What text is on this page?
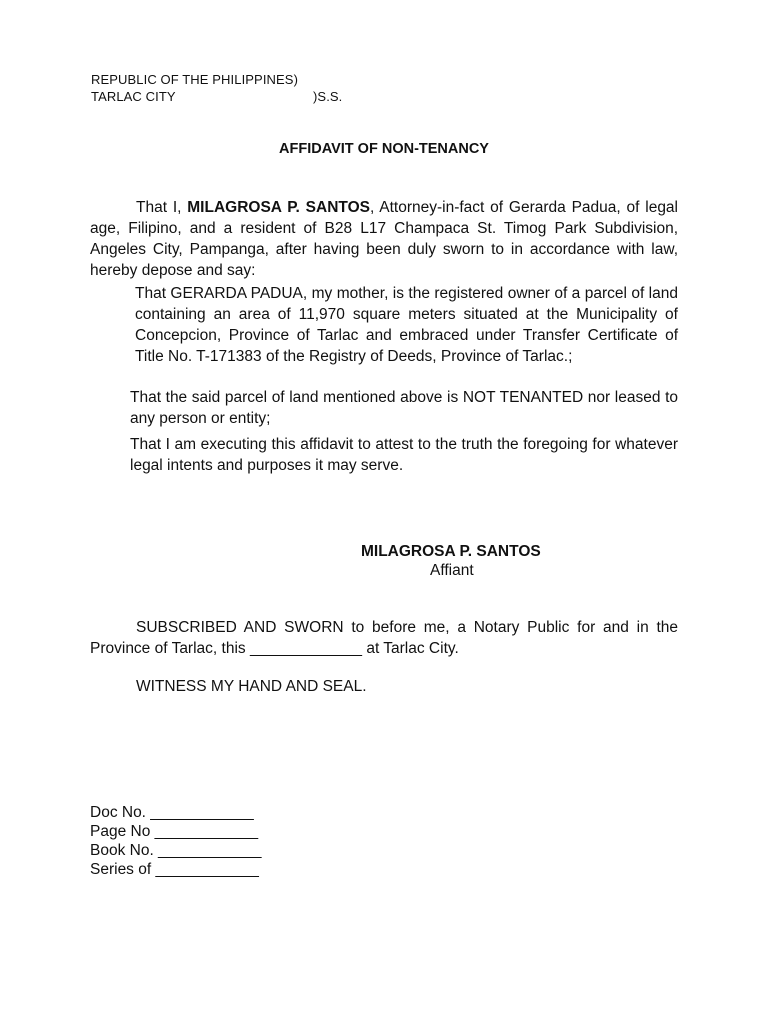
REPUBLIC OF THE PHILIPPINES)
TARLAC CITY	)S.S.
AFFIDAVIT OF NON-TENANCY

That I, MILAGROSA P. SANTOS, Attorney-in-fact of Gerarda Padua, of legal age, Filipino, and a resident of B28 L17 Champaca St. Timog Park Subdivision, Angeles City, Pampanga, after having been duly sworn to in accordance with law, hereby depose and say:

That GERARDA PADUA, my mother, is the registered owner of a parcel of land containing an area of 11,970 square meters situated at the Municipality of Concepcion, Province of Tarlac and embraced under Transfer Certificate of Title No. T-171383 of the Registry of Deeds, Province of Tarlac.;

That the said parcel of land mentioned above is NOT TENANTED nor leased to any person or entity;

That I am executing this affidavit to attest to the truth the foregoing for whatever legal intents and purposes it may serve.

MILAGROSA P. SANTOS
Affiant

SUBSCRIBED AND SWORN to before me, a Notary Public for and in the Province of Tarlac, this _____________ at Tarlac City.

WITNESS MY HAND AND SEAL.
Doc No. ____________
Page No ____________
Book No. ____________
Series of ____________
